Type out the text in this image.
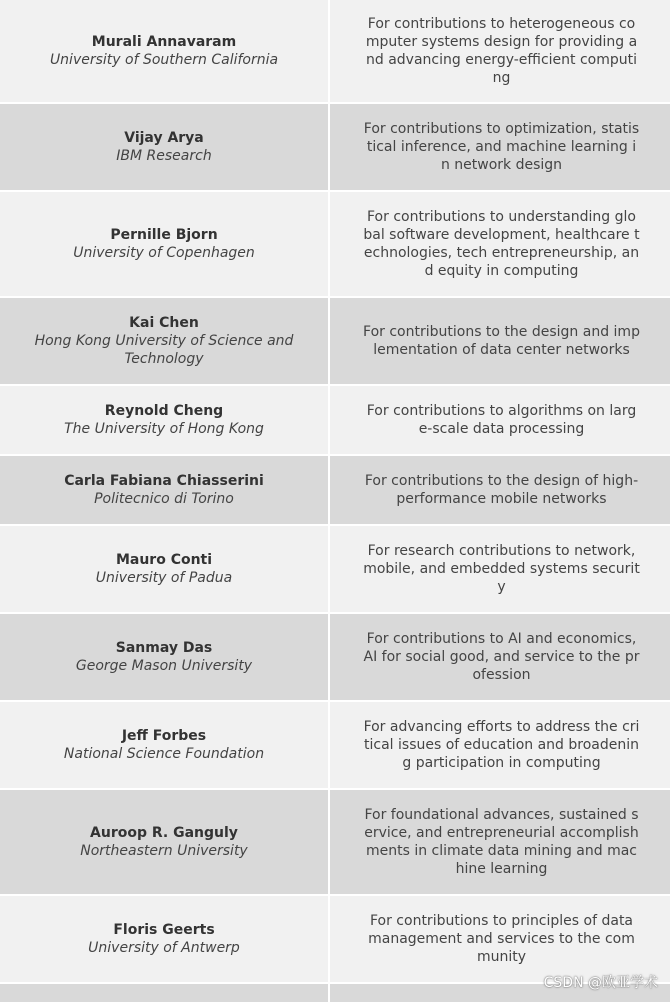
Murali Annavaram
University of Southern California
For contributions to heterogeneous computer systems design for providing and advancing energy-efficient computing
Vijay Arya
IBM Research
For contributions to optimization, statistical inference, and machine learning in network design
Pernille Bjorn
University of Copenhagen
For contributions to understanding global software development, healthcare technologies, tech entrepreneurship, and equity in computing
Kai Chen
Hong Kong University of Science and Technology
For contributions to the design and implementation of data center networks
Reynold Cheng
The University of Hong Kong
For contributions to algorithms on large-scale data processing
Carla Fabiana Chiasserini
Politecnico di Torino
For contributions to the design of high-performance mobile networks
Mauro Conti
University of Padua
For research contributions to network, mobile, and embedded systems security
Sanmay Das
George Mason University
For contributions to AI and economics, AI for social good, and service to the profession
Jeff Forbes
National Science Foundation
For advancing efforts to address the critical issues of education and broadening participation in computing
Auroop R. Ganguly
Northeastern University
For foundational advances, sustained service, and entrepreneurial accomplishments in climate data mining and machine learning
Floris Geerts
University of Antwerp
For contributions to principles of data management and services to the community
CSDN @欧亚学术
